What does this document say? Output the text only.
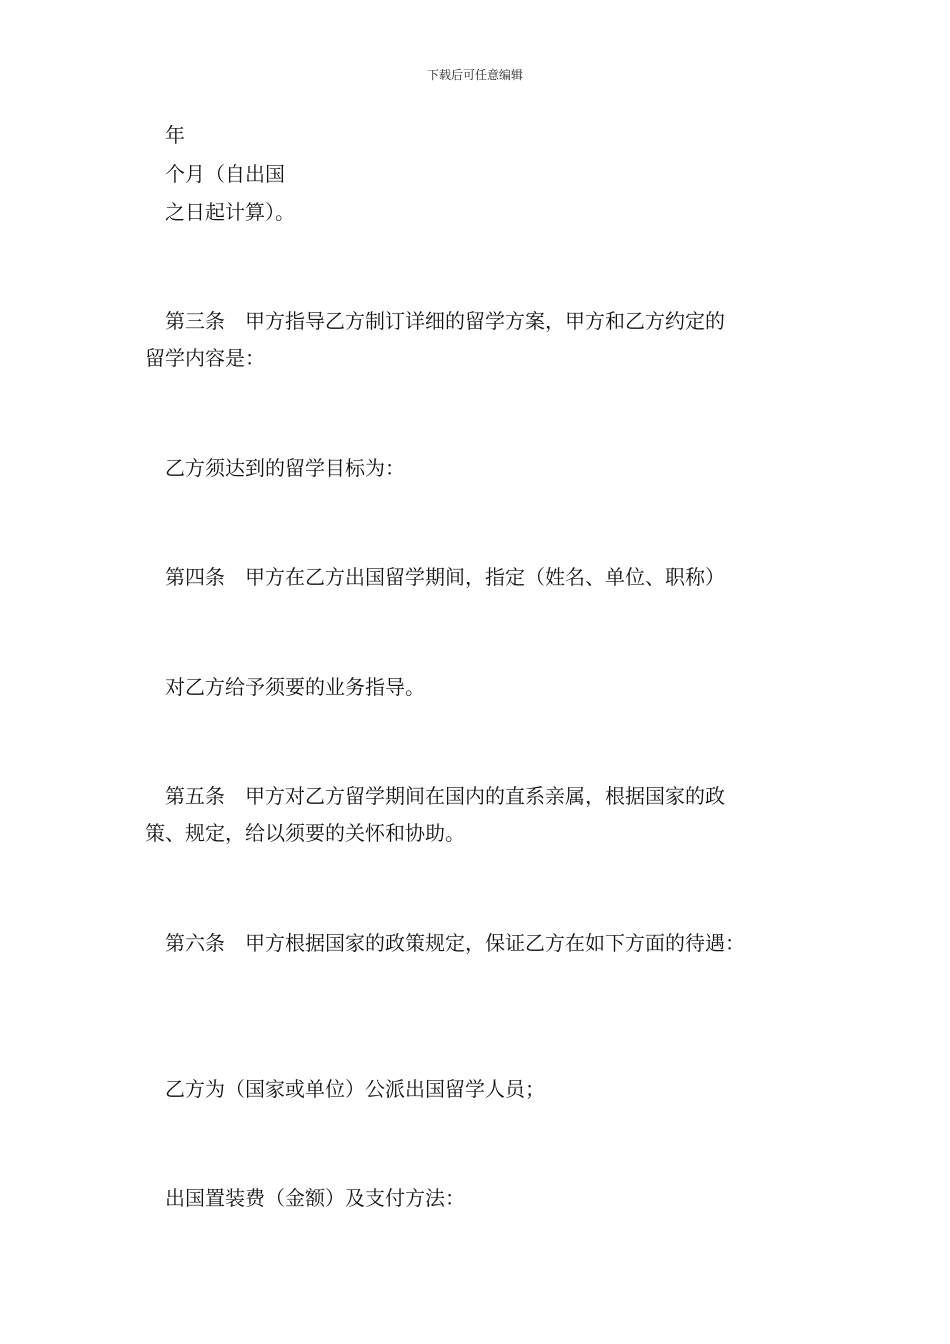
下载后可任意编辑
年
个月（自出国
之日起计算）。
第三条　甲方指导乙方制订详细的留学方案，甲方和乙方约定的
留学内容是：
乙方须达到的留学目标为：
第四条　甲方在乙方出国留学期间，指定（姓名、单位、职称）
对乙方给予须要的业务指导。
第五条　甲方对乙方留学期间在国内的直系亲属，根据国家的政
策、规定，给以须要的关怀和协助。
第六条　甲方根据国家的政策规定，保证乙方在如下方面的待遇：
乙方为（国家或单位）公派出国留学人员；
出国置装费（金额）及支付方法：
